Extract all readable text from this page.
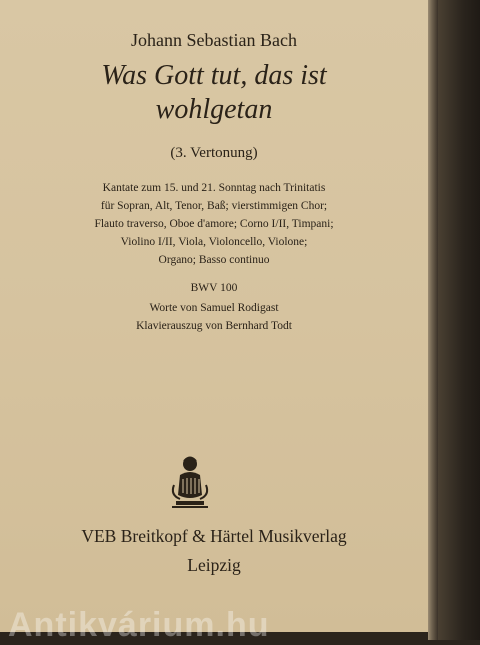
Johann Sebastian Bach
Was Gott tut, das ist
wohlgetan
(3. Vertonung)
Kantate zum 15. und 21. Sonntag nach Trinitatis
für Sopran, Alt, Tenor, Baß; vierstimmigen Chor;
Flauto traverso, Oboe d'amore; Corno I/II, Timpani;
Violino I/II, Viola, Violoncello, Violone;
Organo; Basso continuo
BWV 100
Worte von Samuel Rodigast
Klavierauszug von Bernhard Todt
VEB Breitkopf & Härtel Musikverlag
Leipzig
Antikvárium.hu
